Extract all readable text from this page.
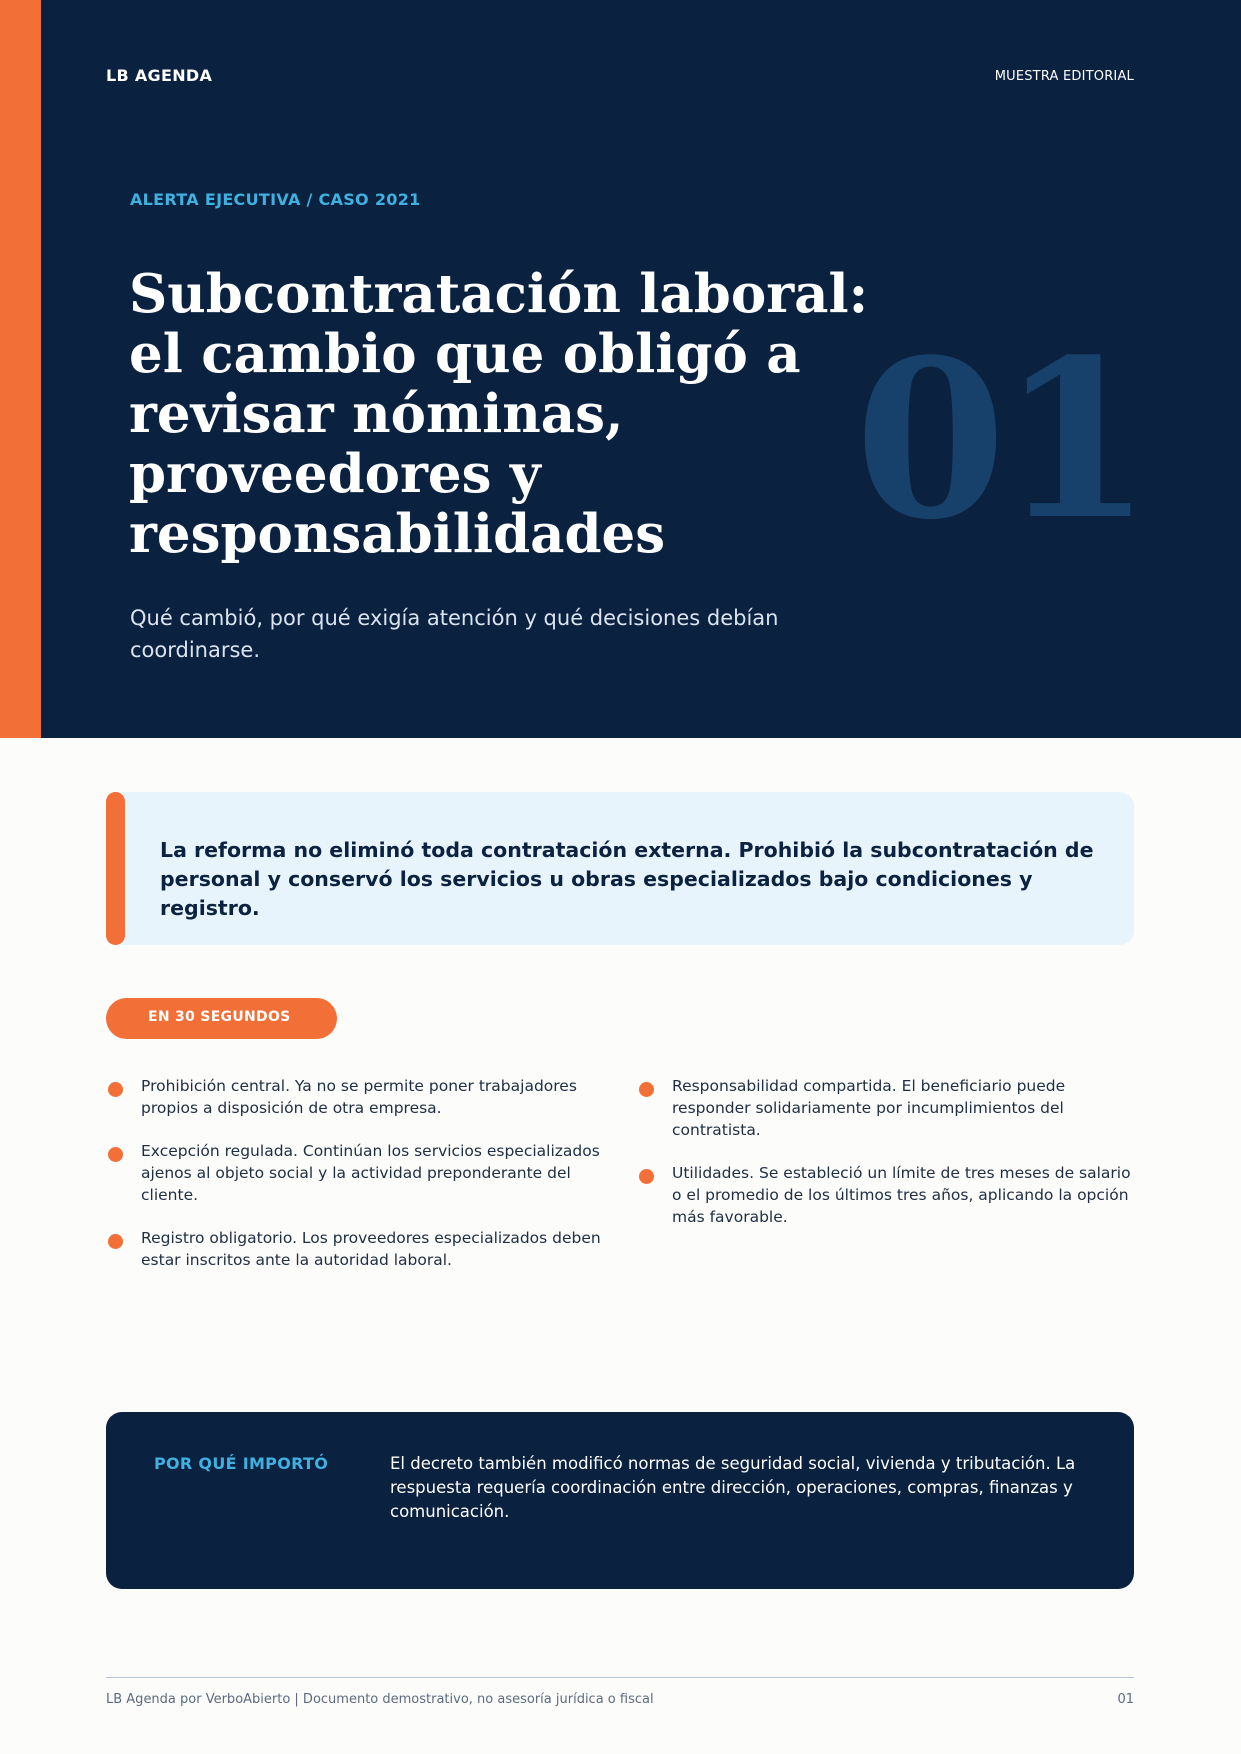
LB AGENDA	MUESTRA EDITORIAL
ALERTA EJECUTIVA / CASO 2021
Subcontratación laboral: el cambio que obligó a revisar nóminas, proveedores y responsabilidades 01

Qué cambió, por qué exigía atención y qué decisiones debían coordinarse.

La reforma no eliminó toda contratación externa. Prohibió la subcontratación de personal y conservó los servicios u obras especializados bajo condiciones y registro.

EN 30 SEGUNDOS
Prohibición central. Ya no se permite poner trabajadores propios a disposición de otra empresa.
Excepción regulada. Continúan los servicios especializados ajenos al objeto social y la actividad preponderante del cliente.
Registro obligatorio. Los proveedores especializados deben estar inscritos ante la autoridad laboral.
Responsabilidad compartida. El beneficiario puede responder solidariamente por incumplimientos del contratista.
Utilidades. Se estableció un límite de tres meses de salario o el promedio de los últimos tres años, aplicando la opción más favorable.
POR QUÉ IMPORTÓ	El decreto también modificó normas de seguridad social, vivienda y tributación. La respuesta requería coordinación entre dirección, operaciones, compras, finanzas y comunicación.

LB Agenda por VerboAbierto | Documento demostrativo, no asesoría jurídica o fiscal	01
